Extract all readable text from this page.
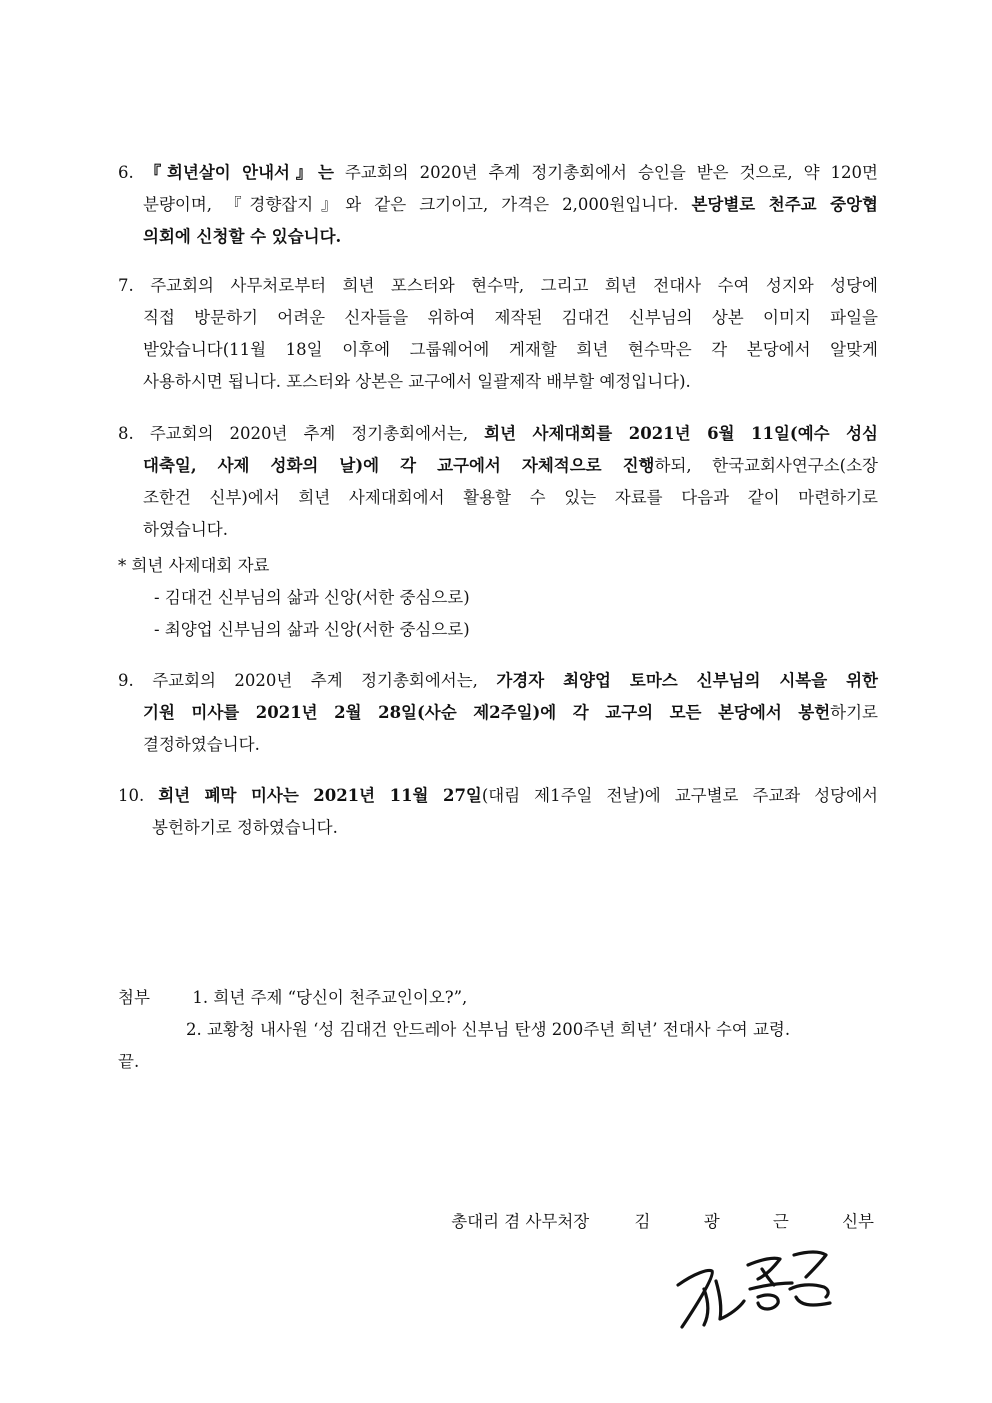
6. 『희년살이 안내서』는 주교회의 2020년 추계 정기총회에서 승인을 받은 것으로, 약 120면
분량이며, 『경향잡지』와 같은 크기이고, 가격은 2,000원입니다. 본당별로 천주교 중앙협
의회에 신청할 수 있습니다.
7. 주교회의 사무처로부터 희년 포스터와 현수막, 그리고 희년 전대사 수여 성지와 성당에
직접 방문하기 어려운 신자들을 위하여 제작된 김대건 신부님의 상본 이미지 파일을
받았습니다(11월 18일 이후에 그룹웨어에 게재할 희년 현수막은 각 본당에서 알맞게
사용하시면 됩니다. 포스터와 상본은 교구에서 일괄제작 배부할 예정입니다).
8. 주교회의 2020년 추계 정기총회에서는, 희년 사제대회를 2021년 6월 11일(예수 성심
대축일, 사제 성화의 날)에 각 교구에서 자체적으로 진행하되, 한국교회사연구소(소장
조한건 신부)에서 희년 사제대회에서 활용할 수 있는 자료를 다음과 같이 마련하기로
하였습니다.
* 희년 사제대회 자료
- 김대건 신부님의 삶과 신앙(서한 중심으로)
- 최양업 신부님의 삶과 신앙(서한 중심으로)
9. 주교회의 2020년 추계 정기총회에서는, 가경자 최양업 토마스 신부님의 시복을 위한
기원 미사를 2021년 2월 28일(사순 제2주일)에 각 교구의 모든 본당에서 봉헌하기로
결정하였습니다.
10. 희년 폐막 미사는 2021년 11월 27일(대림 제1주일 전날)에 교구별로 주교좌 성당에서
봉헌하기로 정하였습니다.
첨부	1. 희년 주제 “당신이 천주교인이오?”,
2. 교황청 내사원 ‘성 김대건 안드레아 신부님 탄생 200주년 희년’ 전대사 수여 교령.
끝.
총대리 겸 사무처장	김 광 근 신부
